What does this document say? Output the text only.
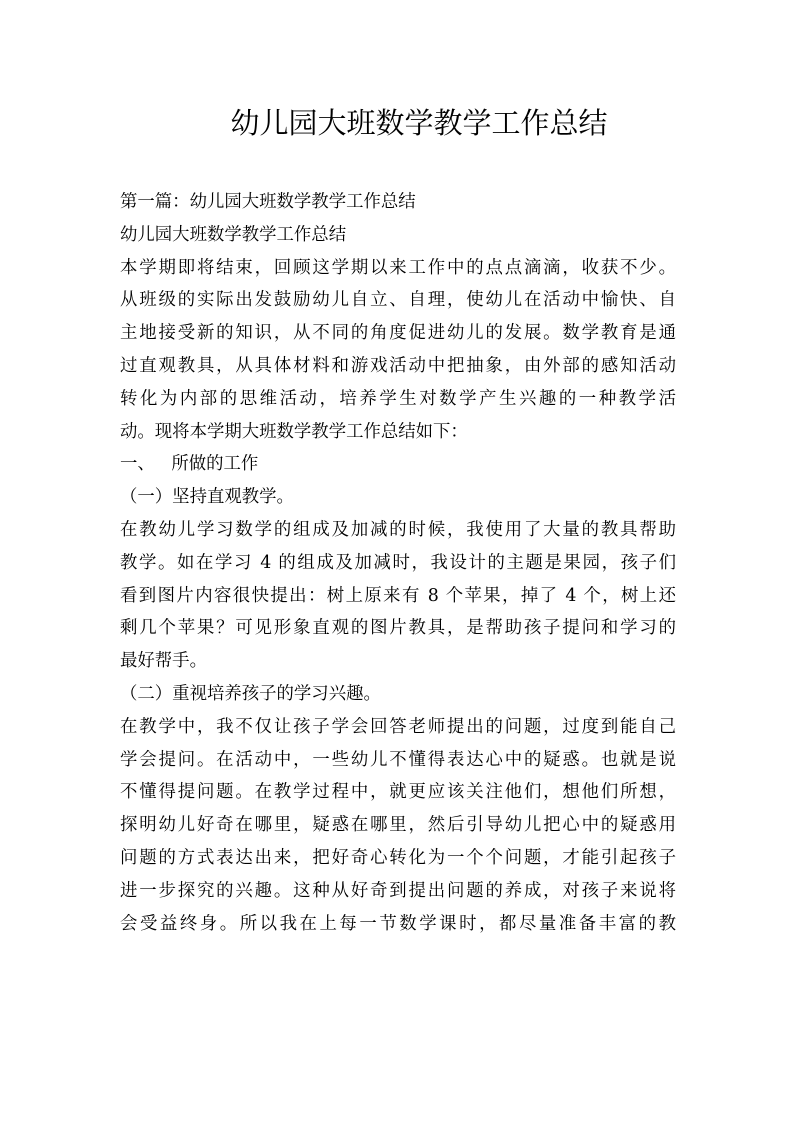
幼儿园大班数学教学工作总结
第一篇：幼儿园大班数学教学工作总结
幼儿园大班数学教学工作总结
本学期即将结束，回顾这学期以来工作中的点点滴滴，收获不少。
从班级的实际出发鼓励幼儿自立、自理，使幼儿在活动中愉快、自
主地接受新的知识，从不同的角度促进幼儿的发展。数学教育是通
过直观教具，从具体材料和游戏活动中把抽象，由外部的感知活动
转化为内部的思维活动，培养学生对数学产生兴趣的一种教学活
动。现将本学期大班数学教学工作总结如下：
一、   所做的工作
（一）坚持直观教学。
在教幼儿学习数学的组成及加减的时候，我使用了大量的教具帮助
教学。如在学习 4 的组成及加减时，我设计的主题是果园，孩子们
看到图片内容很快提出：树上原来有 8 个苹果，掉了 4 个，树上还
剩几个苹果？可见形象直观的图片教具，是帮助孩子提问和学习的
最好帮手。
（二）重视培养孩子的学习兴趣。
在教学中，我不仅让孩子学会回答老师提出的问题，过度到能自己
学会提问。在活动中，一些幼儿不懂得表达心中的疑惑。也就是说
不懂得提问题。在教学过程中，就更应该关注他们，想他们所想，
探明幼儿好奇在哪里，疑惑在哪里，然后引导幼儿把心中的疑惑用
问题的方式表达出来，把好奇心转化为一个个问题，才能引起孩子
进一步探究的兴趣。这种从好奇到提出问题的养成，对孩子来说将
会受益终身。所以我在上每一节数学课时，都尽量准备丰富的教
